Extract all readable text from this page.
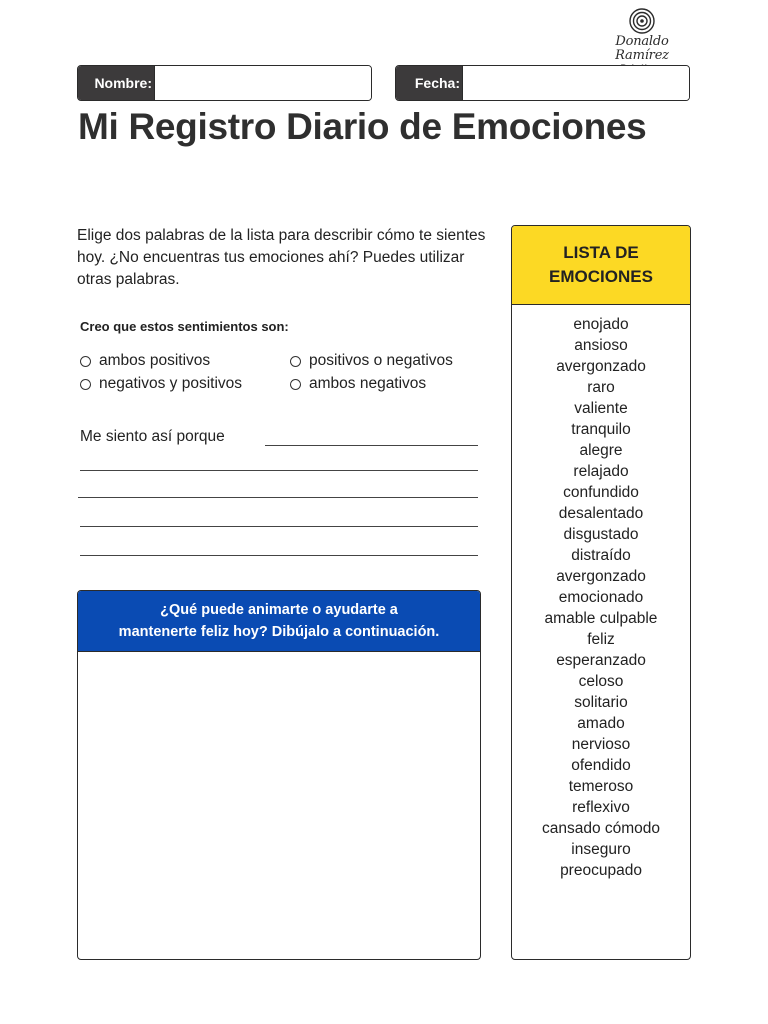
Donaldo Ramírez
Nombre:	Fecha:
Mi Registro Diario de Emociones
Elige dos palabras de la lista para describir cómo te sientes hoy. ¿No encuentras tus emociones ahí? Puedes utilizar otras palabras.
Creo que estos sentimientos son:
ambos positivos	positivos o negativos
negativos y positivos	ambos negativos
Me siento así porque
¿Qué puede animarte o ayudarte a
mantenerte feliz hoy? Dibújalo a continuación.
LISTA DE
EMOCIONES
enojado
ansioso
avergonzado
raro
valiente
tranquilo
alegre
relajado
confundido
desalentado
disgustado
distraído
avergonzado
emocionado
amable culpable
feliz
esperanzado
celoso
solitario
amado
nervioso
ofendido
temeroso
reflexivo
cansado cómodo
inseguro
preocupado
